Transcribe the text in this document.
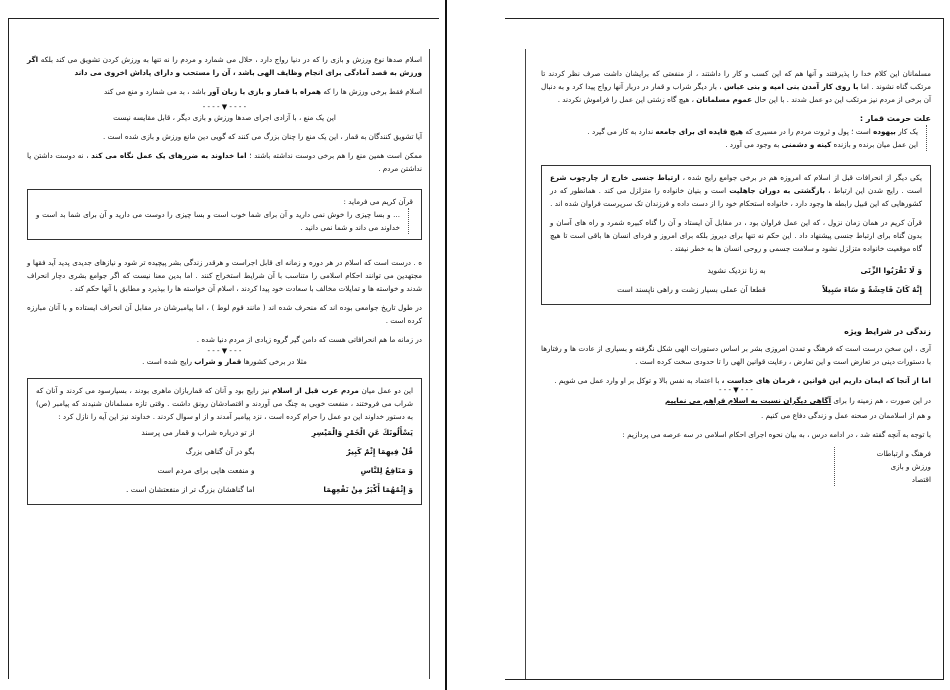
اسلام صدها نوع ورزش و بازی را که در دنیا رواج دارد ، حلال می شمارد و مردم را نه تنها به ورزش کردن تشویق می کند بلکه اگر ورزش به قصد آمادگی برای انجام وظایف الهی باشد ، آن را مستحب و دارای پاداش اخروی می داند

اسلام فقط برخی ورزش ها را که همراه با قمار و بازی با زبان آور باشد ، بد می شمارد و منع می کند

- - - - ▼ - - - -

این یک منع ، با آزادی اجرای صدها ورزش و بازی دیگر ، قابل مقایسه نیست

آیا تشویق کنندگان به قمار ، این یک منع را چنان بزرگ می کنند که گویی دین مانع ورزش و بازی شده است .

ممکن است همین منع را هم برخی دوست نداشته باشند ؛ اما خداوند به ضررهای یک عمل نگاه می کند ، نه دوست داشتن یا نداشتن مردم .

قرآن کریم می فرماید :
... و بسا چیزی را خوش نمی دارید و آن برای شما خوب است و بسا چیزی را دوست می دارید و آن برای شما بد است و خداوند می داند و شما نمی دانید .

ه . درست است که اسلام در هر دوره و زمانه ای قابل اجراست و هرقدر زندگی بشر پیچیده تر شود و نیازهای جدیدی پدید آید فقها و مجتهدین می توانند احکام اسلامی را متناسب با آن شرایط استخراج کنند . اما بدین معنا نیست که اگر جوامع بشری دچار انحراف شدند و خواسته ها و تمایلات مخالف با سعادت خود پیدا کردند ، اسلام آن خواسته ها را بپذیرد و مطابق با آنها حکم کند .

در طول تاریخ جوامعی بوده اند که منحرف شده اند ( مانند قوم لوط ) ، اما پیامبرشان در مقابل آن انحراف ایستاده و با آنان مبارزه کرده است .

در زمانه ما هم انحرافاتی هست که دامن گیر گروه زیادی از مردم دنیا شده .

- - - ▼ - - -

مثلا در برخی کشورها قمار و شراب رایج شده است .

این دو عمل میان مردم عرب قبل از اسلام نیز رایج بود و آنان که قماربازان ماهری بودند ، بسیارسود می کردند و آنان که شراب می فروختند ، منفعت خوبی به چنگ می آوردند و اقتصادشان رونق داشت . وقتی تازه مسلمانان شنیدند که پیامبر (ص) به دستور خداوند این دو عمل را حرام کرده است ، نزد پیامبر آمدند و از او سوال کردند . خداوند نیز این آیه را نازل کرد :
يَسْأَلُونَكَ عَنِ الْخَمْرِ وَالْمَيْسِرِ	از تو درباره شراب و قمار می پرسند
قُلْ فِيهِمَا إِثْمٌ كَبِيرٌ	بگو در آن گناهی بزرگ
وَ مَنَافِعُ لِلنَّاسِ	و منفعت هایی برای مردم است
وَ إِثْمُهُمَا أَكْبَرُ مِنْ نَفْعِهِمَا	اما گناهشان بزرگ تر از منفعتشان است .

مسلمانان این کلام خدا را پذیرفتند و آنها هم که این کسب و کار را داشتند ، از منفعتی که برایشان داشت صرف نظر کردند تا مرتکب گناه نشوند . اما با روی کار آمدن بنی امیه و بنی عباس ، بار دیگر شراب و قمار در دربار آنها رواج پیدا کرد و به دنبال آن برخی از مردم نیز مرتکب این دو عمل شدند . با این حال عموم مسلمانان ، هیچ گاه زشتی این عمل را فراموش نکردند .

علت حرمت قمار :
یک کار بیهوده است ؛ پول و ثروت مردم را در مسیری که هیچ فایده ای برای جامعه ندارد به کار می گیرد .
این عمل میان برنده و بازنده کینه و دشمنی به وجود می آورد .

یکی دیگر از انحرافات قبل از اسلام که امروزه هم در برخی جوامع رایج شده ، ارتباط جنسی خارج از چارچوب شرع است . رایج شدن این ارتباط ، بازگشتی به دوران جاهلیت است و بنیان خانواده را متزلزل می کند . همانطور که در کشورهایی که این قبیل رابطه ها وجود دارد ، خانواده استحکام خود را از دست داده و فرزندان تک سرپرست فراوان شده اند .

قرآن کریم در همان زمان نزول ، که این عمل فراوان بود ، در مقابل آن ایستاد و آن را گناه کبیره شمرد و راه های آسان و بدون گناه برای ارتباط جنسی پیشنهاد داد . این حکم نه تنها برای دیروز بلکه برای امروز و فردای انسان ها باقی است تا هیچ گاه موقعیت خانواده متزلزل نشود و سلامت جسمی و روحی انسان ها به خطر نیفتد .

وَ لَا تَقْرَبُوا الزِّنَى	به زنا نزدیک نشوید
إِنَّهُ كَانَ فَاحِشَةً وَ سَاءَ سَبِيلاً	قطعا آن عملی بسیار زشت و راهی ناپسند است
زندگی در شرایط ویژه

آری ، این سخن درست است که فرهنگ و تمدن امروزی بشر بر اساس دستورات الهی شکل نگرفته و بسیاری از عادت ها و رفتارها با دستورات دینی در تعارض است و این تعارض ، رعایت قوانین الهی را تا حدودی سخت کرده است .

اما از آنجا که ایمان داریم این قوانین ، فرمان های خداست ، با اعتماد به نفس بالا و توکل بر او وارد عمل می شویم .

- - - ▼ - - -

در این صورت ، هم زمینه را برای آگاهی دیگران نسبت به اسلام فراهم می نماییم

و هم از اسلاممان در صحنه عمل و زندگی دفاع می کنیم .

با توجه به آنچه گفته شد ، در ادامه درس ، به بیان نحوه اجرای احکام اسلامی در سه عرصه می پردازیم :

فرهنگ و ارتباطات
ورزش و بازی
اقتصاد
